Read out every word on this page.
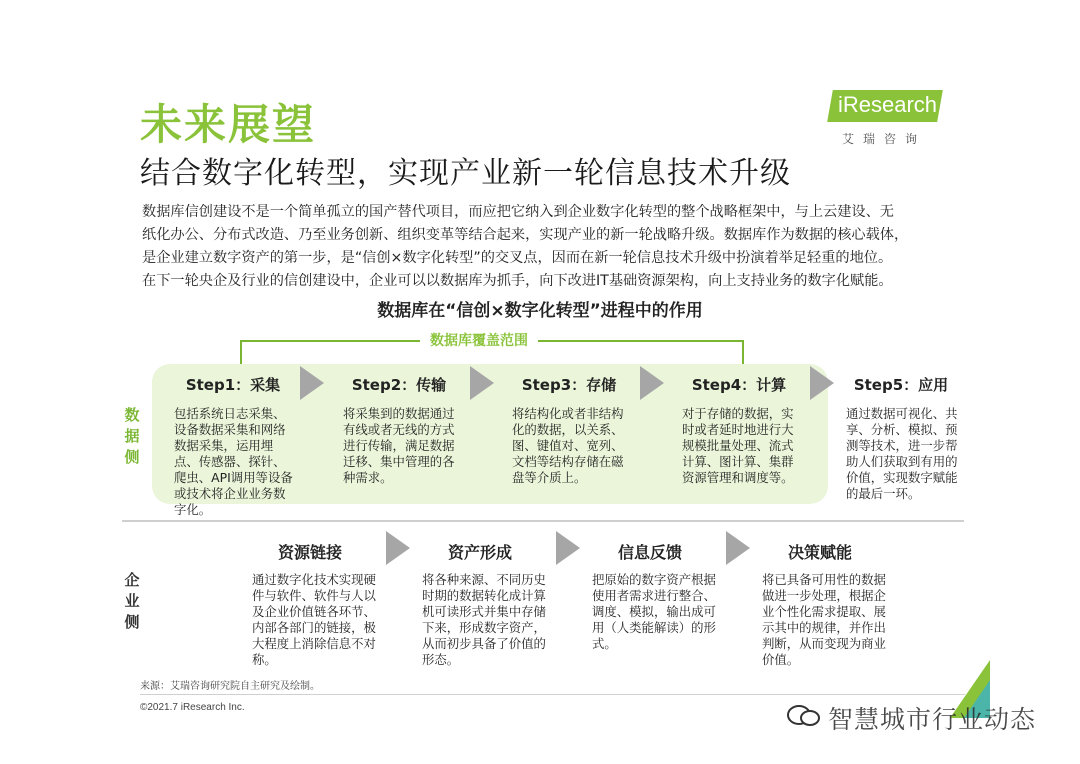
未来展望
结合数字化转型，实现产业新一轮信息技术升级
iResearch
艾瑞咨询

数据库信创建设不是一个简单孤立的国产替代项目，而应把它纳入到企业数字化转型的整个战略框架中，与上云建设、无

纸化办公、分布式改造、乃至业务创新、组织变革等结合起来，实现产业的新一轮战略升级。数据库作为数据的核心载体，

是企业建立数字资产的第一步，是“信创×数字化转型”的交叉点，因而在新一轮信息技术升级中扮演着举足轻重的地位。

在下一轮央企及行业的信创建设中，企业可以以数据库为抓手，向下改进IT基础资源架构，向上支持业务的数字化赋能。

数据库在“信创×数字化转型”进程中的作用
数据库覆盖范围
数据侧
企业侧
Step1：采集
包括系统日志采集、设备数据采集和网络数据采集，运用埋点、传感器、探针、爬虫、API调用等设备或技术将企业业务数字化。
Step2：传输
将采集到的数据通过有线或者无线的方式进行传输，满足数据迁移、集中管理的各种需求。
Step3：存储
将结构化或者非结构化的数据，以关系、图、键值对、宽列、文档等结构存储在磁盘等介质上。
Step4：计算
对于存储的数据，实时或者延时地进行大规模批量处理、流式计算、图计算、集群资源管理和调度等。
Step5：应用
通过数据可视化、共享、分析、模拟、预测等技术，进一步帮助人们获取到有用的价值，实现数字赋能的最后一环。
资源链接
通过数字化技术实现硬件与软件、软件与人以及企业价值链各环节、内部各部门的链接，极大程度上消除信息不对称。
资产形成
将各种来源、不同历史时期的数据转化成计算机可读形式并集中存储下来，形成数字资产，从而初步具备了价值的形态。
信息反馈
把原始的数字资产根据使用者需求进行整合、调度、模拟，输出成可用（人类能解读）的形式。
决策赋能
将已具备可用性的数据做进一步处理，根据企业个性化需求提取、展示其中的规律，并作出判断，从而变现为商业价值。
来源：艾瑞咨询研究院自主研究及绘制。
©2021.7 iResearch Inc.	智慧城市行业动态
